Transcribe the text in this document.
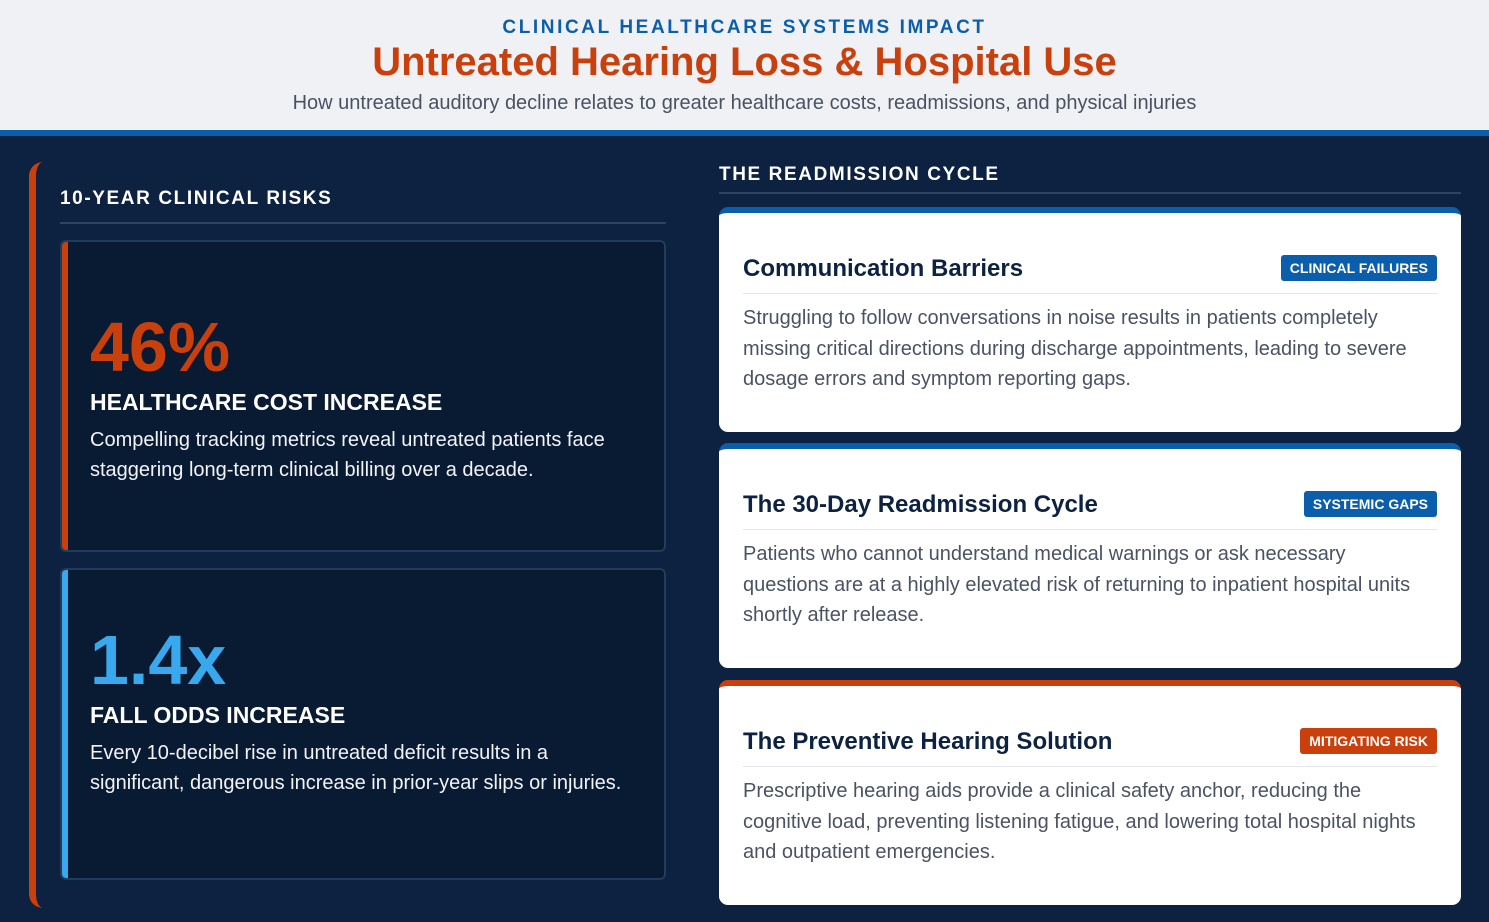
CLINICAL HEALTHCARE SYSTEMS IMPACT
Untreated Hearing Loss & Hospital Use
How untreated auditory decline relates to greater healthcare costs, readmissions, and physical injuries
10-YEAR CLINICAL RISKS
46%
HEALTHCARE COST INCREASE
Compelling tracking metrics reveal untreated patients face staggering long-term clinical billing over a decade.
1.4x
FALL ODDS INCREASE
Every 10-decibel rise in untreated deficit results in a significant, dangerous increase in prior-year slips or injuries.
THE READMISSION CYCLE
Communication Barriers	CLINICAL FAILURES
Struggling to follow conversations in noise results in patients completely missing critical directions during discharge appointments, leading to severe dosage errors and symptom reporting gaps.
The 30-Day Readmission Cycle	SYSTEMIC GAPS
Patients who cannot understand medical warnings or ask necessary questions are at a highly elevated risk of returning to inpatient hospital units shortly after release.
The Preventive Hearing Solution	MITIGATING RISK
Prescriptive hearing aids provide a clinical safety anchor, reducing the cognitive load, preventing listening fatigue, and lowering total hospital nights and outpatient emergencies.
